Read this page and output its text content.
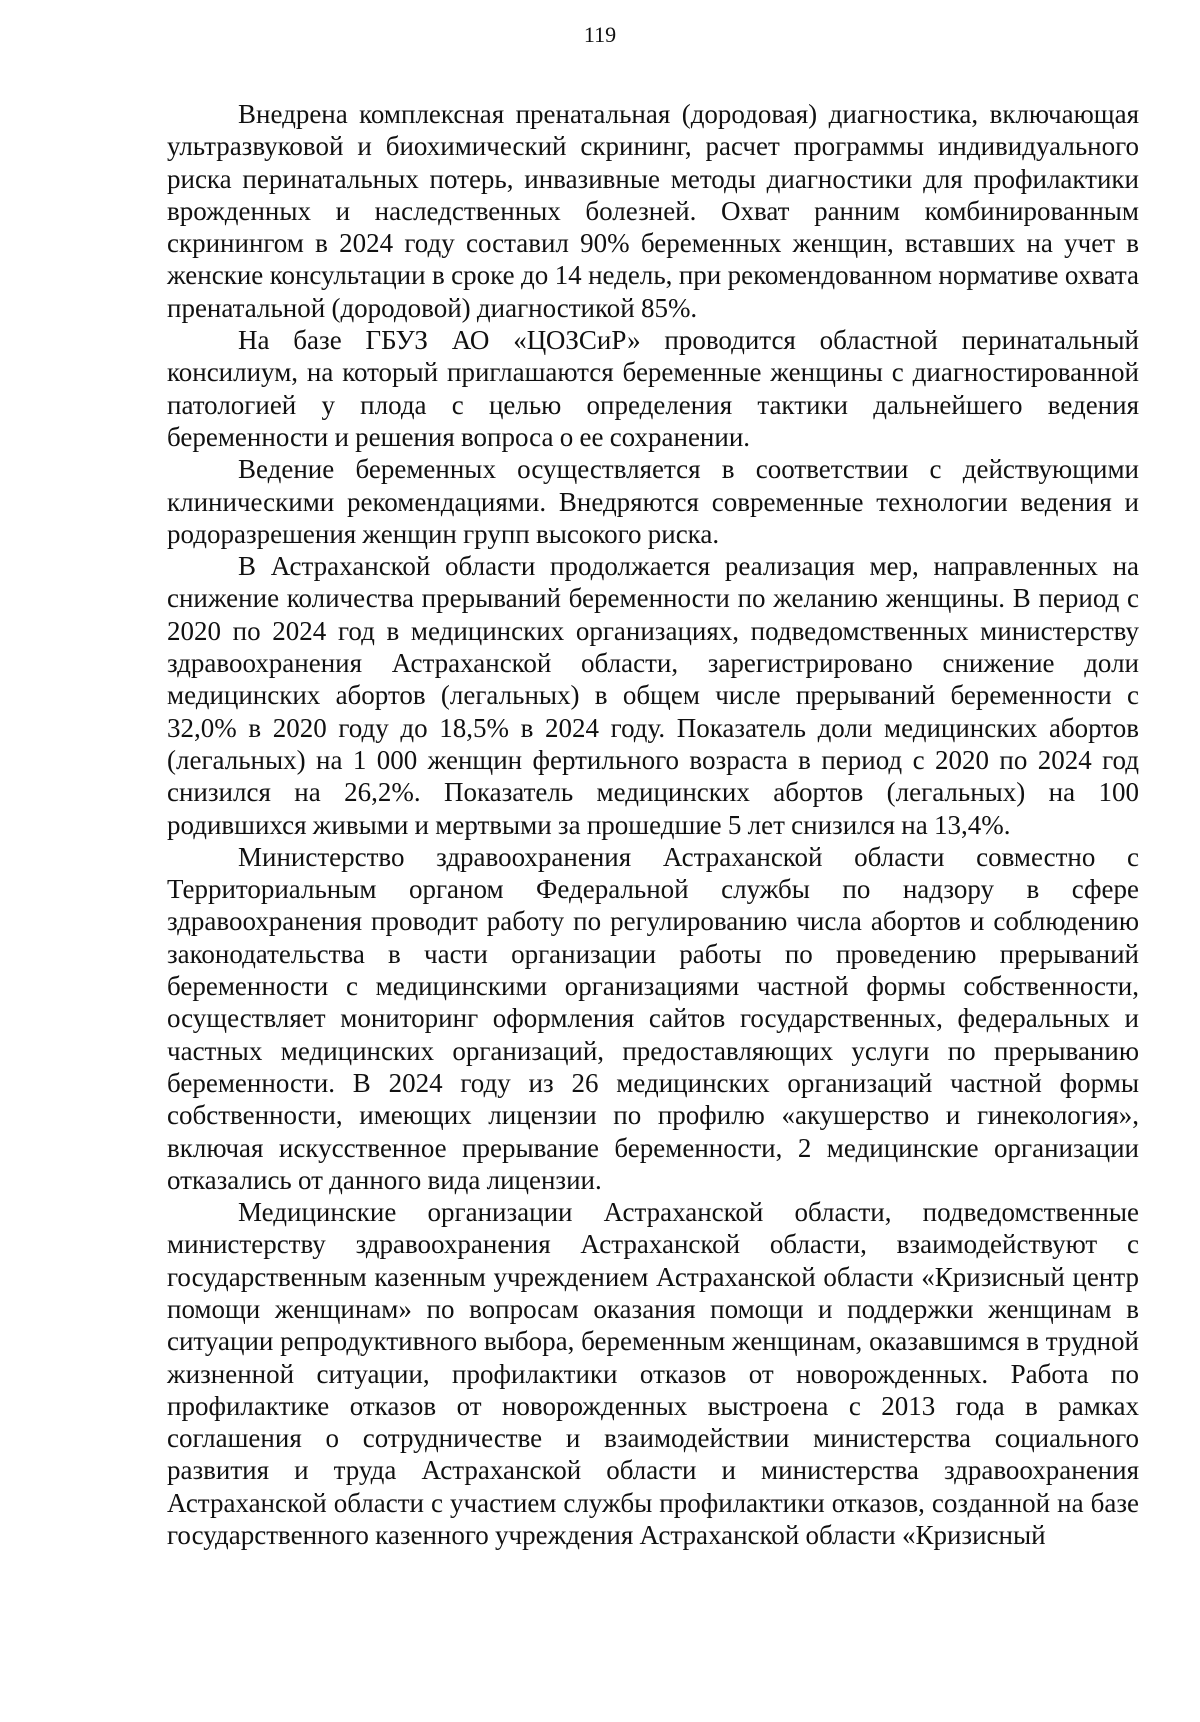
119

Внедрена комплексная пренатальная (дородовая) диагностика, включающая ультразвуковой и биохимический скрининг, расчет программы индивидуального риска перинатальных потерь, инвазивные методы диагностики для профилактики врожденных и наследственных болезней. Охват ранним комбинированным скринингом в 2024 году составил 90% беременных женщин, вставших на учет в женские консультации в сроке до 14 недель, при рекомендованном нормативе охвата пренатальной (дородовой) диагностикой 85%.

На базе ГБУЗ АО «ЦОЗСиР» проводится областной перинатальный консилиум, на который приглашаются беременные женщины с диагностированной патологией у плода с целью определения тактики дальнейшего ведения беременности и решения вопроса о ее сохранении.

Ведение беременных осуществляется в соответствии с действующими клиническими рекомендациями. Внедряются современные технологии ведения и родоразрешения женщин групп высокого риска.

В Астраханской области продолжается реализация мер, направленных на снижение количества прерываний беременности по желанию женщины. В период с 2020 по 2024 год в медицинских организациях, подведомственных министерству здравоохранения Астраханской области, зарегистрировано снижение доли медицинских абортов (легальных) в общем числе прерываний беременности с 32,0% в 2020 году до 18,5% в 2024 году. Показатель доли медицинских абортов (легальных) на 1 000 женщин фертильного возраста в период с 2020 по 2024 год снизился на 26,2%. Показатель медицинских абортов (легальных) на 100 родившихся живыми и мертвыми за прошедшие 5 лет снизился на 13,4%.

Министерство здравоохранения Астраханской области совместно с Территориальным органом Федеральной службы по надзору в сфере здравоохранения проводит работу по регулированию числа абортов и соблюдению законодательства в части организации работы по проведению прерываний беременности с медицинскими организациями частной формы собственности, осуществляет мониторинг оформления сайтов государственных, федеральных и частных медицинских организаций, предоставляющих услуги по прерыванию беременности. В 2024 году из 26 медицинских организаций частной формы собственности, имеющих лицензии по профилю «акушерство и гинекология», включая искусственное прерывание беременности, 2 медицинские организации отказались от данного вида лицензии.

Медицинские организации Астраханской области, подведомственные министерству здравоохранения Астраханской области, взаимодействуют с государственным казенным учреждением Астраханской области «Кризисный центр помощи женщинам» по вопросам оказания помощи и поддержки женщинам в ситуации репродуктивного выбора, беременным женщинам, оказавшимся в трудной жизненной ситуации, профилактики отказов от новорожденных. Работа по профилактике отказов от новорожденных выстроена с 2013 года в рамках соглашения о сотрудничестве и взаимодействии министерства социального развития и труда Астраханской области и министерства здравоохранения Астраханской области с участием службы профилактики отказов, созданной на базе государственного казенного учреждения Астраханской области «Кризисный
